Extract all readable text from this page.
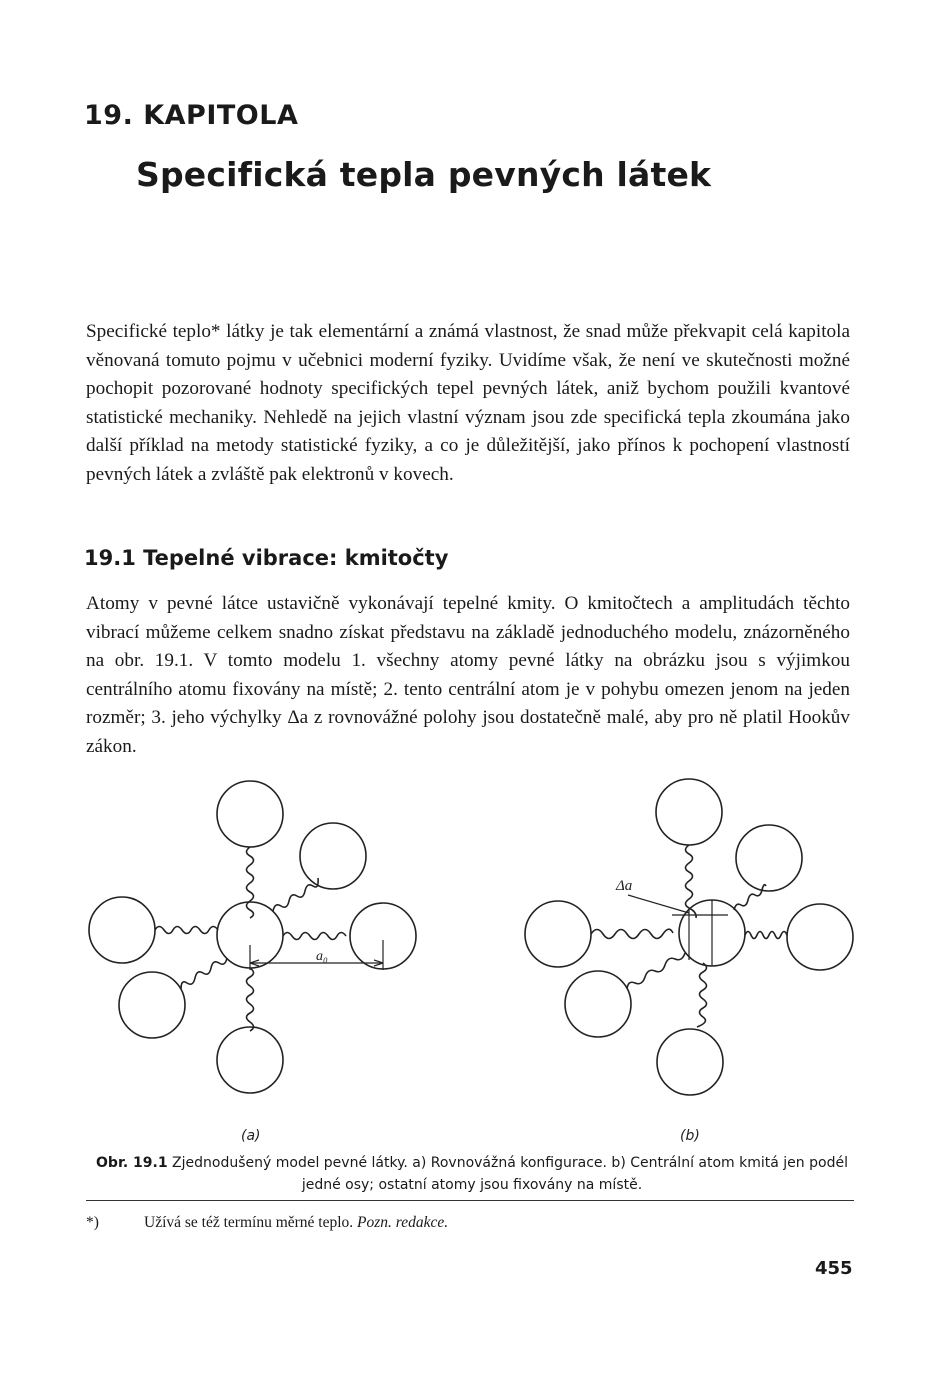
19. KAPITOLA
Specifická tepla pevných látek

Specifické teplo* látky je tak elementární a známá vlastnost, že snad může překvapit celá kapitola věnovaná tomuto pojmu v učebnici moderní fyziky. Uvidíme však, že není ve skutečnosti možné pochopit pozorované hodnoty specifických tepel pevných látek, aniž bychom použili kvantové statistické mechaniky. Nehledě na jejich vlastní význam jsou zde specifická tepla zkoumána jako další příklad na metody statistické fyziky, a co je důležitější, jako přínos k pochopení vlastností pevných látek a zvláště pak elektronů v kovech.

19.1 Tepelné vibrace: kmitočty

Atomy v pevné látce ustavičně vykonávají tepelné kmity. O kmitočtech a amplitudách těchto vibrací můžeme celkem snadno získat představu na základě jednoduchého modelu, znázorněného na obr. 19.1. V tomto modelu 1. všechny atomy pevné látky na obrázku jsou s výjimkou centrálního atomu fixovány na místě; 2. tento centrální atom je v pohybu omezen jenom na jeden rozměr; 3. jeho výchylky Δa z rovnovážné polohy jsou dostatečně malé, aby pro ně platil Hookův zákon.

a₀
Δa
(a)	(b)
Obr. 19.1 Zjednodušený model pevné látky. a) Rovnovážná konfigurace. b) Centrální atom kmitá jen podél jedné osy; ostatní atomy jsou fixovány na místě.
*)	Užívá se též termínu měrné teplo. Pozn. redakce.
455
